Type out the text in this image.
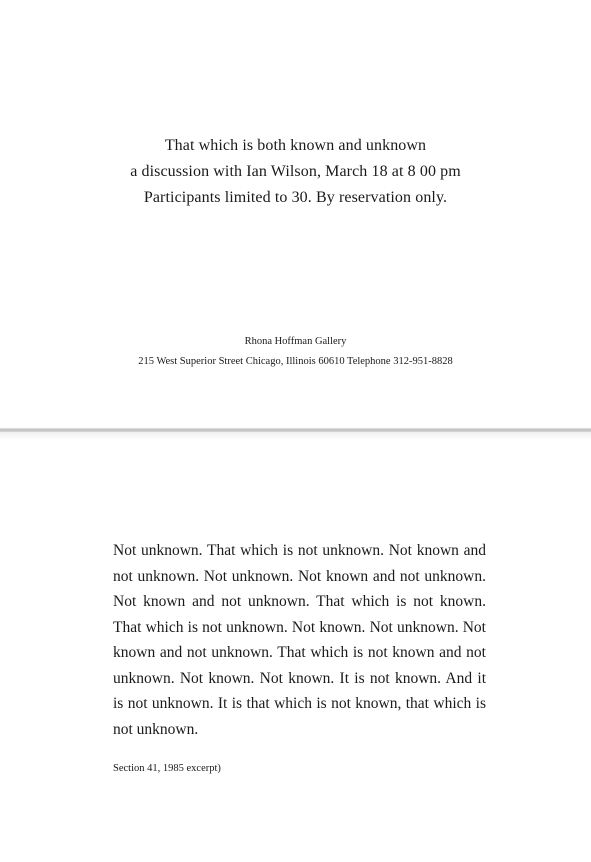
That which is both known and unknown
a discussion with Ian Wilson, March 18 at 8 00 pm
Participants limited to 30. By reservation only.
Rhona Hoffman Gallery
215 West Superior Street Chicago, Illinois 60610 Telephone 312-951-8828
Not unknown. That which is not unknown. Not known and not unknown. Not unknown. Not known and not unknown. Not known and not unknown. That which is not known. That which is not unknown. Not known. Not unknown. Not known and not unknown. That which is not known and not unknown. Not known. Not known. It is not known. And it is not unknown. It is that which is not known, that which is not unknown.
Section 41, 1985 excerpt)
